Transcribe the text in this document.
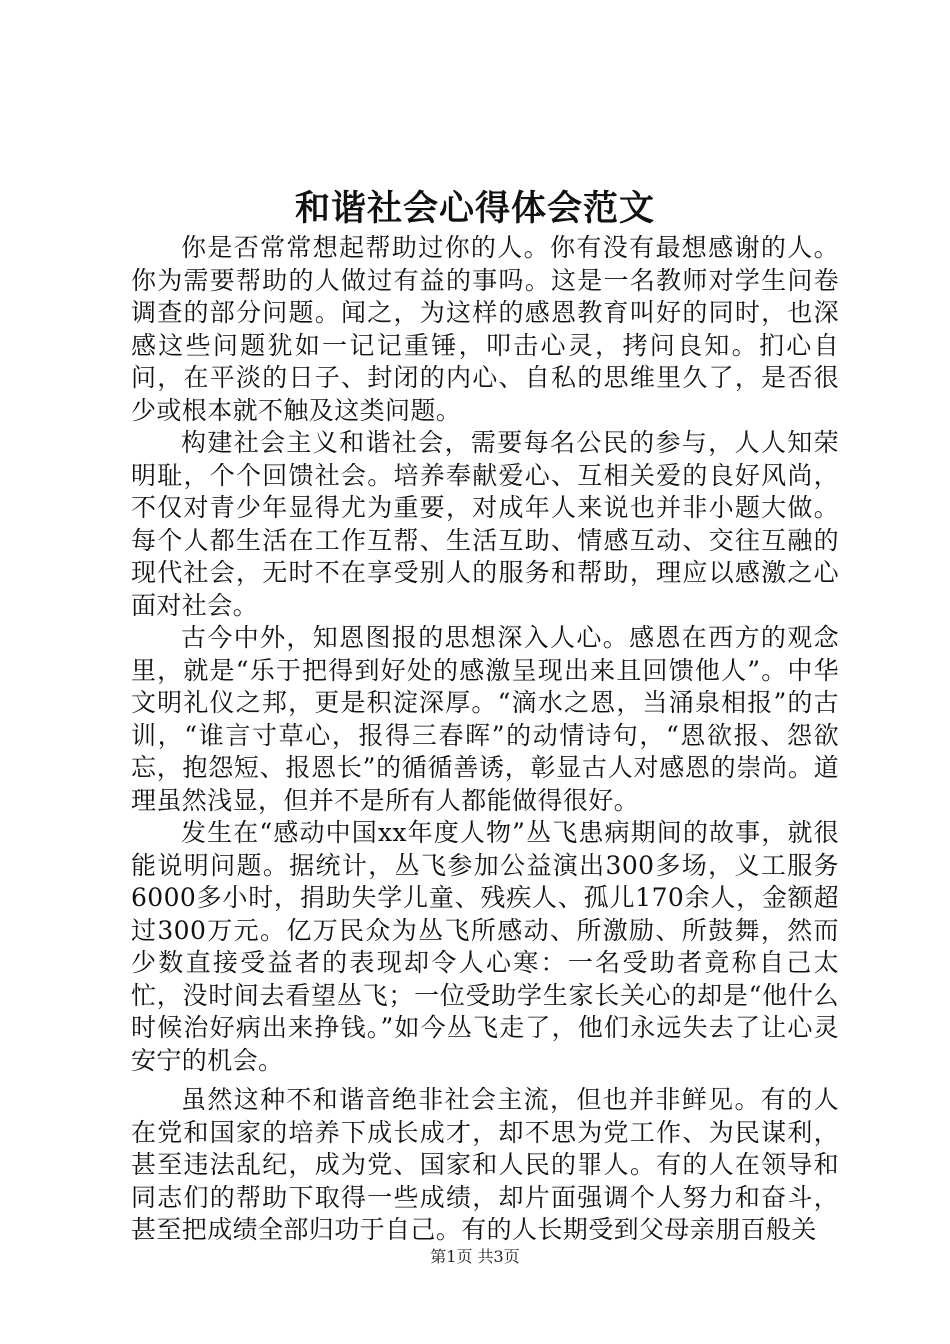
和谐社会心得体会范文

你是否常常想起帮助过你的人。你有没有最想感谢的人。你为需要帮助的人做过有益的事吗。这是一名教师对学生问卷调查的部分问题。闻之，为这样的感恩教育叫好的同时，也深感这些问题犹如一记记重锤，叩击心灵，拷问良知。扪心自问，在平淡的日子、封闭的内心、自私的思维里久了，是否很少或根本就不触及这类问题。

构建社会主义和谐社会，需要每名公民的参与，人人知荣明耻，个个回馈社会。培养奉献爱心、互相关爱的良好风尚，不仅对青少年显得尤为重要，对成年人来说也并非小题大做。每个人都生活在工作互帮、生活互助、情感互动、交往互融的现代社会，无时不在享受别人的服务和帮助，理应以感激之心面对社会。

古今中外，知恩图报的思想深入人心。感恩在西方的观念里，就是“乐于把得到好处的感激呈现出来且回馈他人”。中华文明礼仪之邦，更是积淀深厚。“滴水之恩，当涌泉相报”的古训，“谁言寸草心，报得三春晖”的动情诗句，“恩欲报、怨欲忘，抱怨短、报恩长”的循循善诱，彰显古人对感恩的崇尚。道理虽然浅显，但并不是所有人都能做得很好。

发生在“感动中国xx年度人物”丛飞患病期间的故事，就很能说明问题。据统计，丛飞参加公益演出300多场，义工服务6000多小时，捐助失学儿童、残疾人、孤儿170余人，金额超过300万元。亿万民众为丛飞所感动、所激励、所鼓舞，然而少数直接受益者的表现却令人心寒：一名受助者竟称自己太忙，没时间去看望丛飞；一位受助学生家长关心的却是“他什么时候治好病出来挣钱。”如今丛飞走了，他们永远失去了让心灵安宁的机会。

虽然这种不和谐音绝非社会主流，但也并非鲜见。有的人在党和国家的培养下成长成才，却不思为党工作、为民谋利，甚至违法乱纪，成为党、国家和人民的罪人。有的人在领导和同志们的帮助下取得一些成绩，却片面强调个人努力和奋斗，甚至把成绩全部归功于自己。有的人长期受到父母亲朋百般关

第1页 共3页
